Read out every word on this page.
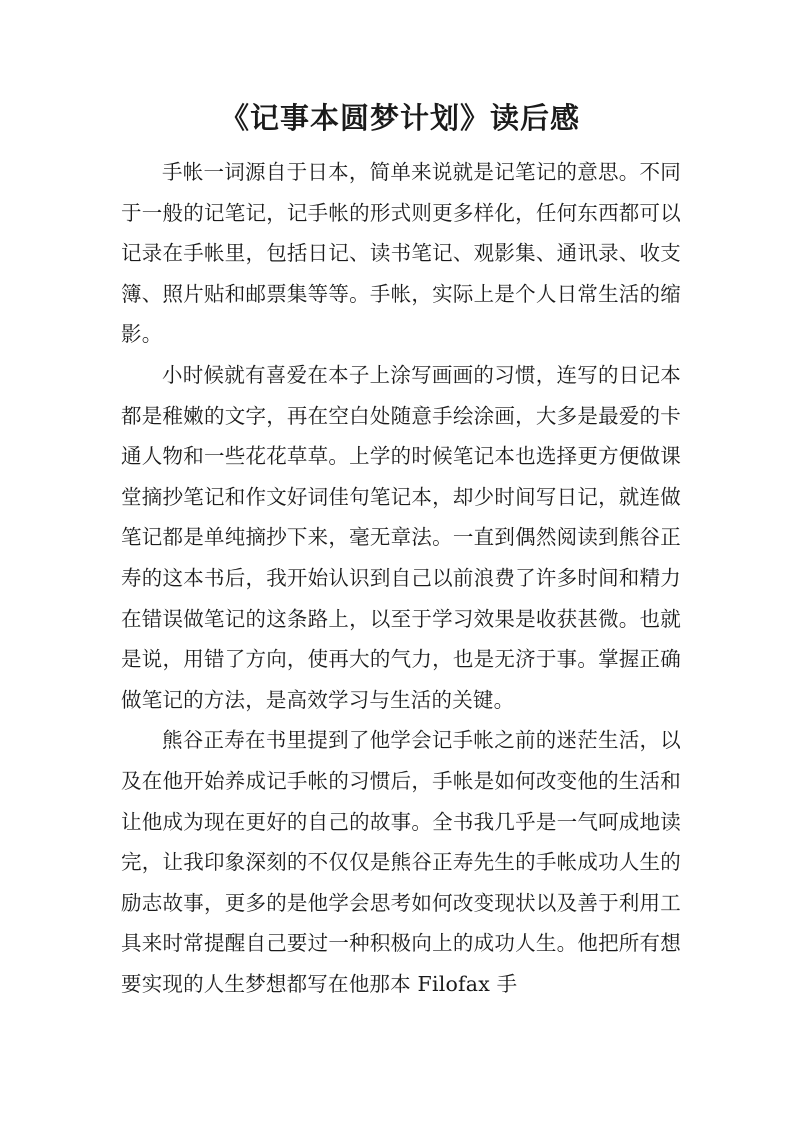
《记事本圆梦计划》读后感

手帐一词源自于日本，简单来说就是记笔记的意思。不同于一般的记笔记，记手帐的形式则更多样化，任何东西都可以记录在手帐里，包括日记、读书笔记、观影集、通讯录、收支簿、照片贴和邮票集等等。手帐，实际上是个人日常生活的缩影。

小时候就有喜爱在本子上涂写画画的习惯，连写的日记本都是稚嫩的文字，再在空白处随意手绘涂画，大多是最爱的卡通人物和一些花花草草。上学的时候笔记本也选择更方便做课堂摘抄笔记和作文好词佳句笔记本，却少时间写日记，就连做笔记都是单纯摘抄下来，毫无章法。一直到偶然阅读到熊谷正寿的这本书后，我开始认识到自己以前浪费了许多时间和精力在错误做笔记的这条路上，以至于学习效果是收获甚微。也就是说，用错了方向，使再大的气力，也是无济于事。掌握正确做笔记的方法，是高效学习与生活的关键。

熊谷正寿在书里提到了他学会记手帐之前的迷茫生活，以及在他开始养成记手帐的习惯后，手帐是如何改变他的生活和让他成为现在更好的自己的故事。全书我几乎是一气呵成地读完，让我印象深刻的不仅仅是熊谷正寿先生的手帐成功人生的励志故事，更多的是他学会思考如何改变现状以及善于利用工具来时常提醒自己要过一种积极向上的成功人生。他把所有想要实现的人生梦想都写在他那本 Filofax 手
